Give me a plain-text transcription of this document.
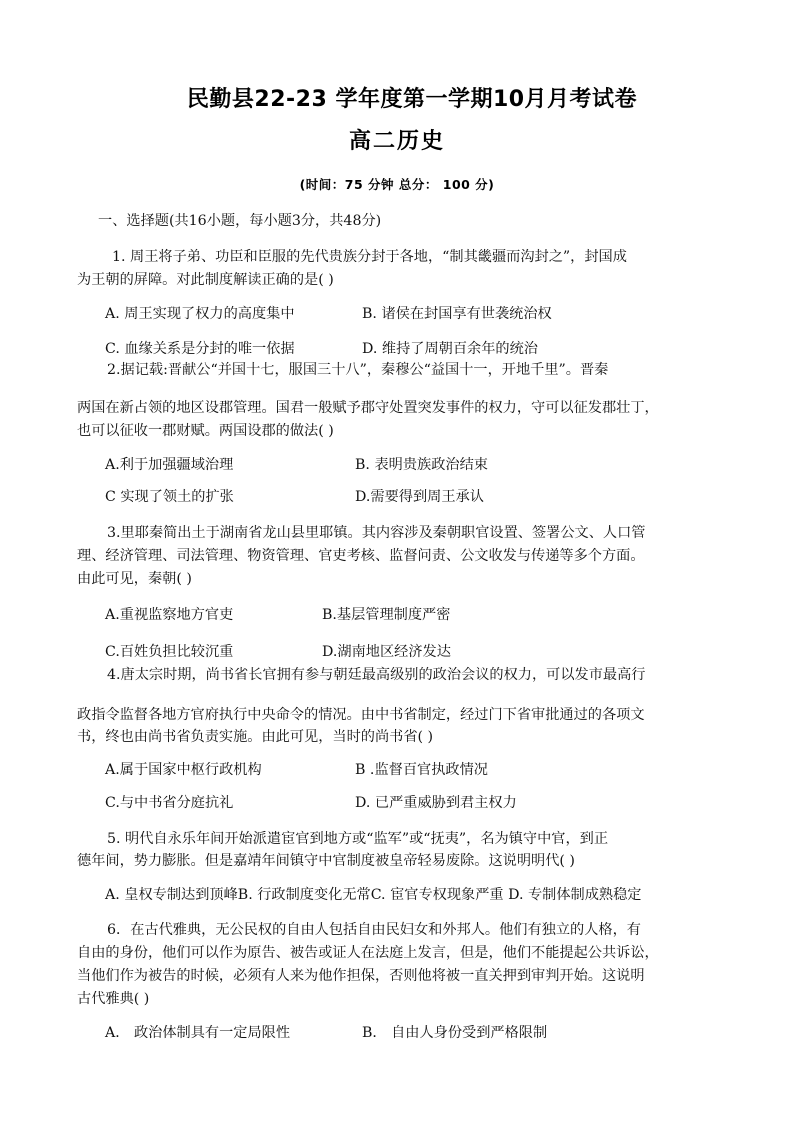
民勤县22-23 学年度第一学期10月月考试卷
高二历史
(时间：75 分钟 总分： 100 分)
一、选择题(共16小题，每小题3分，共48分)
1. 周王将子弟、功臣和臣服的先代贵族分封于各地，“制其畿疆而沟封之”，封国成
为王朝的屏障。对此制度解读正确的是( )
A. 周王实现了权力的高度集中	B. 诸侯在封国享有世袭统治权
C. 血缘关系是分封的唯一依据	D. 维持了周朝百余年的统治
2.据记载:晋献公“并国十七，服国三十八”，秦穆公“益国十一，开地千里”。晋秦
两国在新占领的地区设郡管理。国君一般赋予郡守处置突发事件的权力，守可以征发郡壮丁，
也可以征收一郡财赋。两国设郡的做法( )
A.利于加强疆域治理	B. 表明贵族政治结束
C 实现了领土的扩张	D.需要得到周王承认
3.里耶秦简出土于湖南省龙山县里耶镇。其内容涉及秦朝职官设置、签署公文、人口管
理、经济管理、司法管理、物资管理、官吏考核、监督问责、公文收发与传递等多个方面。
由此可见，秦朝( )
A.重视监察地方官吏	B.基层管理制度严密
C.百姓负担比较沉重	D.湖南地区经济发达
4.唐太宗时期，尚书省长官拥有参与朝廷最高级别的政治会议的权力，可以发市最高行
政指令监督各地方官府执行中央命令的情况。由中书省制定，经过门下省审批通过的各项文
书，终也由尚书省负责实施。由此可见，当时的尚书省( )
A.属于国家中枢行政机构	B .监督百官执政情况
C.与中书省分庭抗礼	D. 已严重威胁到君主权力
5. 明代自永乐年间开始派遣宦官到地方或“监军”或“抚夷”，名为镇守中官，到正
德年间，势力膨胀。但是嘉靖年间镇守中官制度被皇帝轻易废除。这说明明代( )
A. 皇权专制达到顶峰B. 行政制度变化无常C. 宦官专权现象严重 D. 专制体制成熟稳定
6．在古代雅典，无公民权的自由人包括自由民妇女和外邦人。他们有独立的人格，有
自由的身份，他们可以作为原告、被告或证人在法庭上发言，但是，他们不能提起公共诉讼，
当他们作为被告的时候，必须有人来为他作担保，否则他将被一直关押到审判开始。这说明
古代雅典( )
A． 政治体制具有一定局限性	B． 自由人身份受到严格限制
